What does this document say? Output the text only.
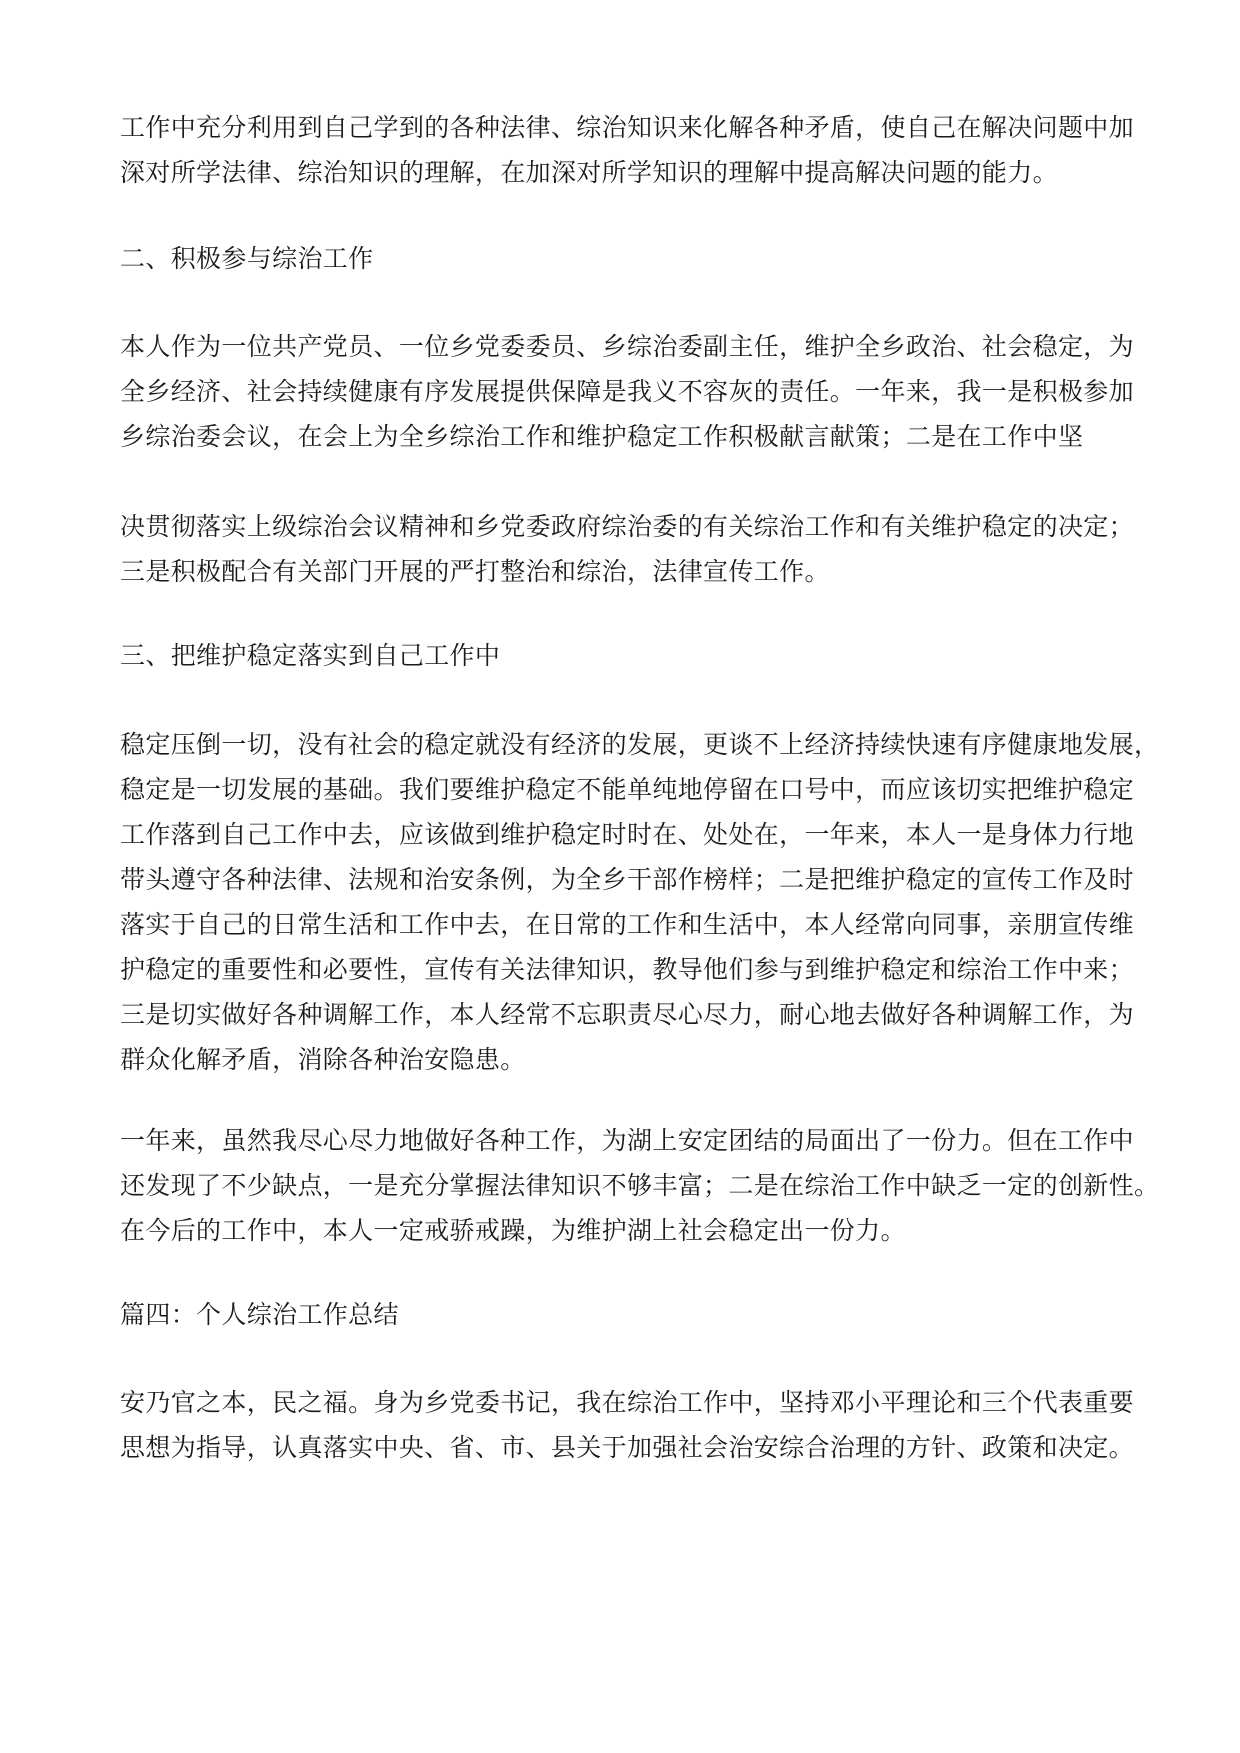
工作中充分利用到自己学到的各种法律、综治知识来化解各种矛盾，使自己在解决问题中加
深对所学法律、综治知识的理解，在加深对所学知识的理解中提高解决问题的能力。
二、积极参与综治工作
本人作为一位共产党员、一位乡党委委员、乡综治委副主任，维护全乡政治、社会稳定，为
全乡经济、社会持续健康有序发展提供保障是我义不容灰的责任。一年来，我一是积极参加
乡综治委会议，在会上为全乡综治工作和维护稳定工作积极献言献策；二是在工作中坚
决贯彻落实上级综治会议精神和乡党委政府综治委的有关综治工作和有关维护稳定的决定；
三是积极配合有关部门开展的严打整治和综治，法律宣传工作。
三、把维护稳定落实到自己工作中
稳定压倒一切，没有社会的稳定就没有经济的发展，更谈不上经济持续快速有序健康地发展，
稳定是一切发展的基础。我们要维护稳定不能单纯地停留在口号中，而应该切实把维护稳定
工作落到自己工作中去，应该做到维护稳定时时在、处处在，一年来，本人一是身体力行地
带头遵守各种法律、法规和治安条例，为全乡干部作榜样；二是把维护稳定的宣传工作及时
落实于自己的日常生活和工作中去，在日常的工作和生活中，本人经常向同事，亲朋宣传维
护稳定的重要性和必要性，宣传有关法律知识，教导他们参与到维护稳定和综治工作中来；
三是切实做好各种调解工作，本人经常不忘职责尽心尽力，耐心地去做好各种调解工作，为
群众化解矛盾，消除各种治安隐患。
一年来，虽然我尽心尽力地做好各种工作，为湖上安定团结的局面出了一份力。但在工作中
还发现了不少缺点，一是充分掌握法律知识不够丰富；二是在综治工作中缺乏一定的创新性。
在今后的工作中，本人一定戒骄戒躁，为维护湖上社会稳定出一份力。
篇四：个人综治工作总结
安乃官之本，民之福。身为乡党委书记，我在综治工作中，坚持邓小平理论和三个代表重要
思想为指导，认真落实中央、省、市、县关于加强社会治安综合治理的方针、政策和决定。
